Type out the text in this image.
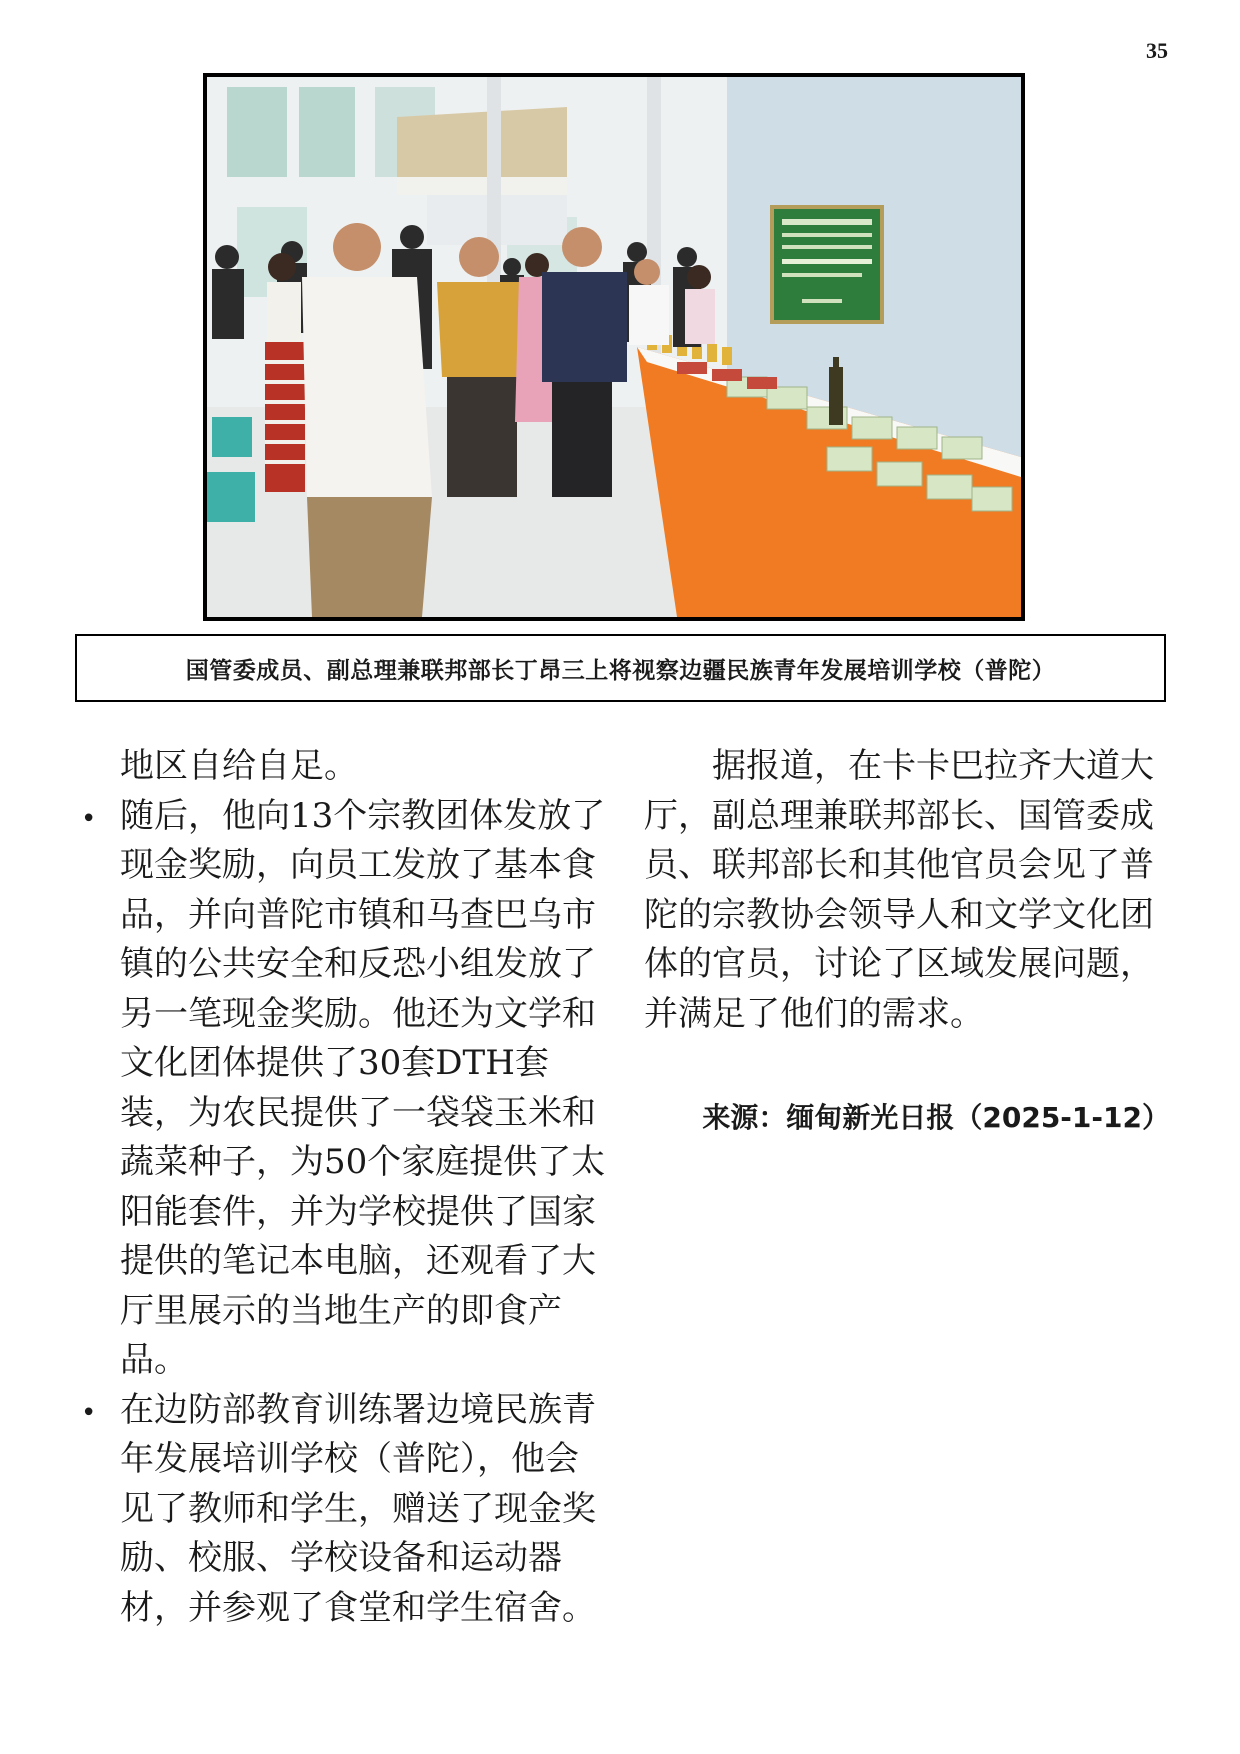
35
国管委成员、副总理兼联邦部长丁昂三上将视察边疆民族青年发展培训学校（普陀）

地区自给自足。

• 随后，他向13个宗教团体发放了现金奖励，向员工发放了基本食品，并向普陀市镇和马查巴乌市镇的公共安全和反恐小组发放了另一笔现金奖励。他还为文学和文化团体提供了30套DTH套装，为农民提供了一袋袋玉米和蔬菜种子，为50个家庭提供了太阳能套件，并为学校提供了国家提供的笔记本电脑，还观看了大厅里展示的当地生产的即食产品。
• 在边防部教育训练署边境民族青年发展培训学校（普陀），他会见了教师和学生，赠送了现金奖励、校服、学校设备和运动器材，并参观了食堂和学生宿舍。

据报道，在卡卡巴拉齐大道大厅，副总理兼联邦部长、国管委成员、联邦部长和其他官员会见了普陀的宗教协会领导人和文学文化团体的官员，讨论了区域发展问题，并满足了他们的需求。

来源：缅甸新光日报（2025-1-12）
